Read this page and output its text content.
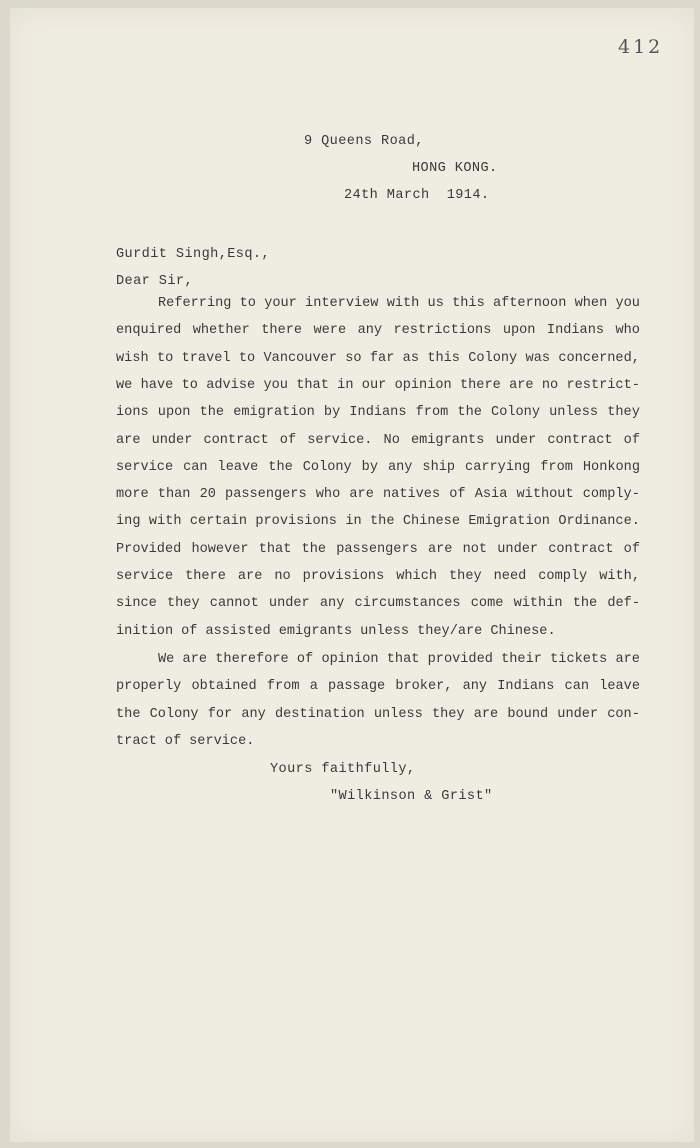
412
9 Queens Road,
HONG KONG.
24th March  1914.
Gurdit Singh,Esq.,
Dear Sir,
Referring to your interview with us this afternoon when you
enquired whether there were any restrictions upon Indians who
wish to travel to Vancouver so far as this Colony was concerned,
we have to advise you that in our opinion there are no restrict-
ions upon the emigration by Indians from the Colony unless they
are under contract of service. No emigrants under contract of
service can leave the Colony by any ship carrying from Honkong
more than 20 passengers who are natives of Asia without comply-
ing with certain provisions in the Chinese Emigration Ordinance.
Provided however that the passengers are not under contract of
service there are no provisions which they need comply with,
since they cannot under any circumstances come within the def-
inition of assisted emigrants unless they/are Chinese.
We are therefore of opinion that provided their tickets are
properly obtained from a passage broker, any Indians can leave
the Colony for any destination unless they are bound under con-
tract of service.
Yours faithfully,
"Wilkinson & Grist"
